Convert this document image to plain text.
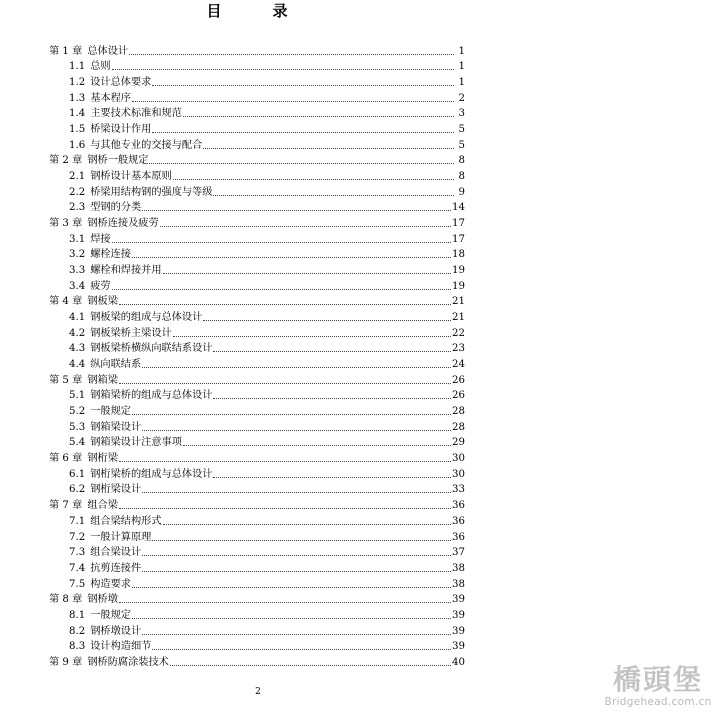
目　录
第 1 章 总体设计	1
1.1 总则	1
1.2 设计总体要求	1
1.3 基本程序	2
1.4 主要技术标准和规范	3
1.5 桥梁设计作用	5
1.6 与其他专业的交接与配合	5
第 2 章 钢桥一般规定	8
2.1 钢桥设计基本原则	8
2.2 桥梁用结构钢的强度与等级	9
2.3 型钢的分类	14
第 3 章 钢桥连接及疲劳	17
3.1 焊接	17
3.2 螺栓连接	18
3.3 螺栓和焊接并用	19
3.4 疲劳	19
第 4 章 钢板梁	21
4.1 钢板梁的组成与总体设计	21
4.2 钢板梁桥主梁设计	22
4.3 钢板梁桥横纵向联结系设计	23
4.4 纵向联结系	24
第 5 章 钢箱梁	26
5.1 钢箱梁桥的组成与总体设计	26
5.2 一般规定	28
5.3 钢箱梁设计	28
5.4 钢箱梁设计注意事项	29
第 6 章 钢桁梁	30
6.1 钢桁梁桥的组成与总体设计	30
6.2 钢桁梁设计	33
第 7 章 组合梁	36
7.1 组合梁结构形式	36
7.2 一般计算原理	36
7.3 组合梁设计	37
7.4 抗剪连接件	38
7.5 构造要求	38
第 8 章 钢桥墩	39
8.1 一般规定	39
8.2 钢桥墩设计	39
8.3 设计构造细节	39
第 9 章 钢桥防腐涂装技术	40
2	橋頭堡
Bridgehead.com.cn
